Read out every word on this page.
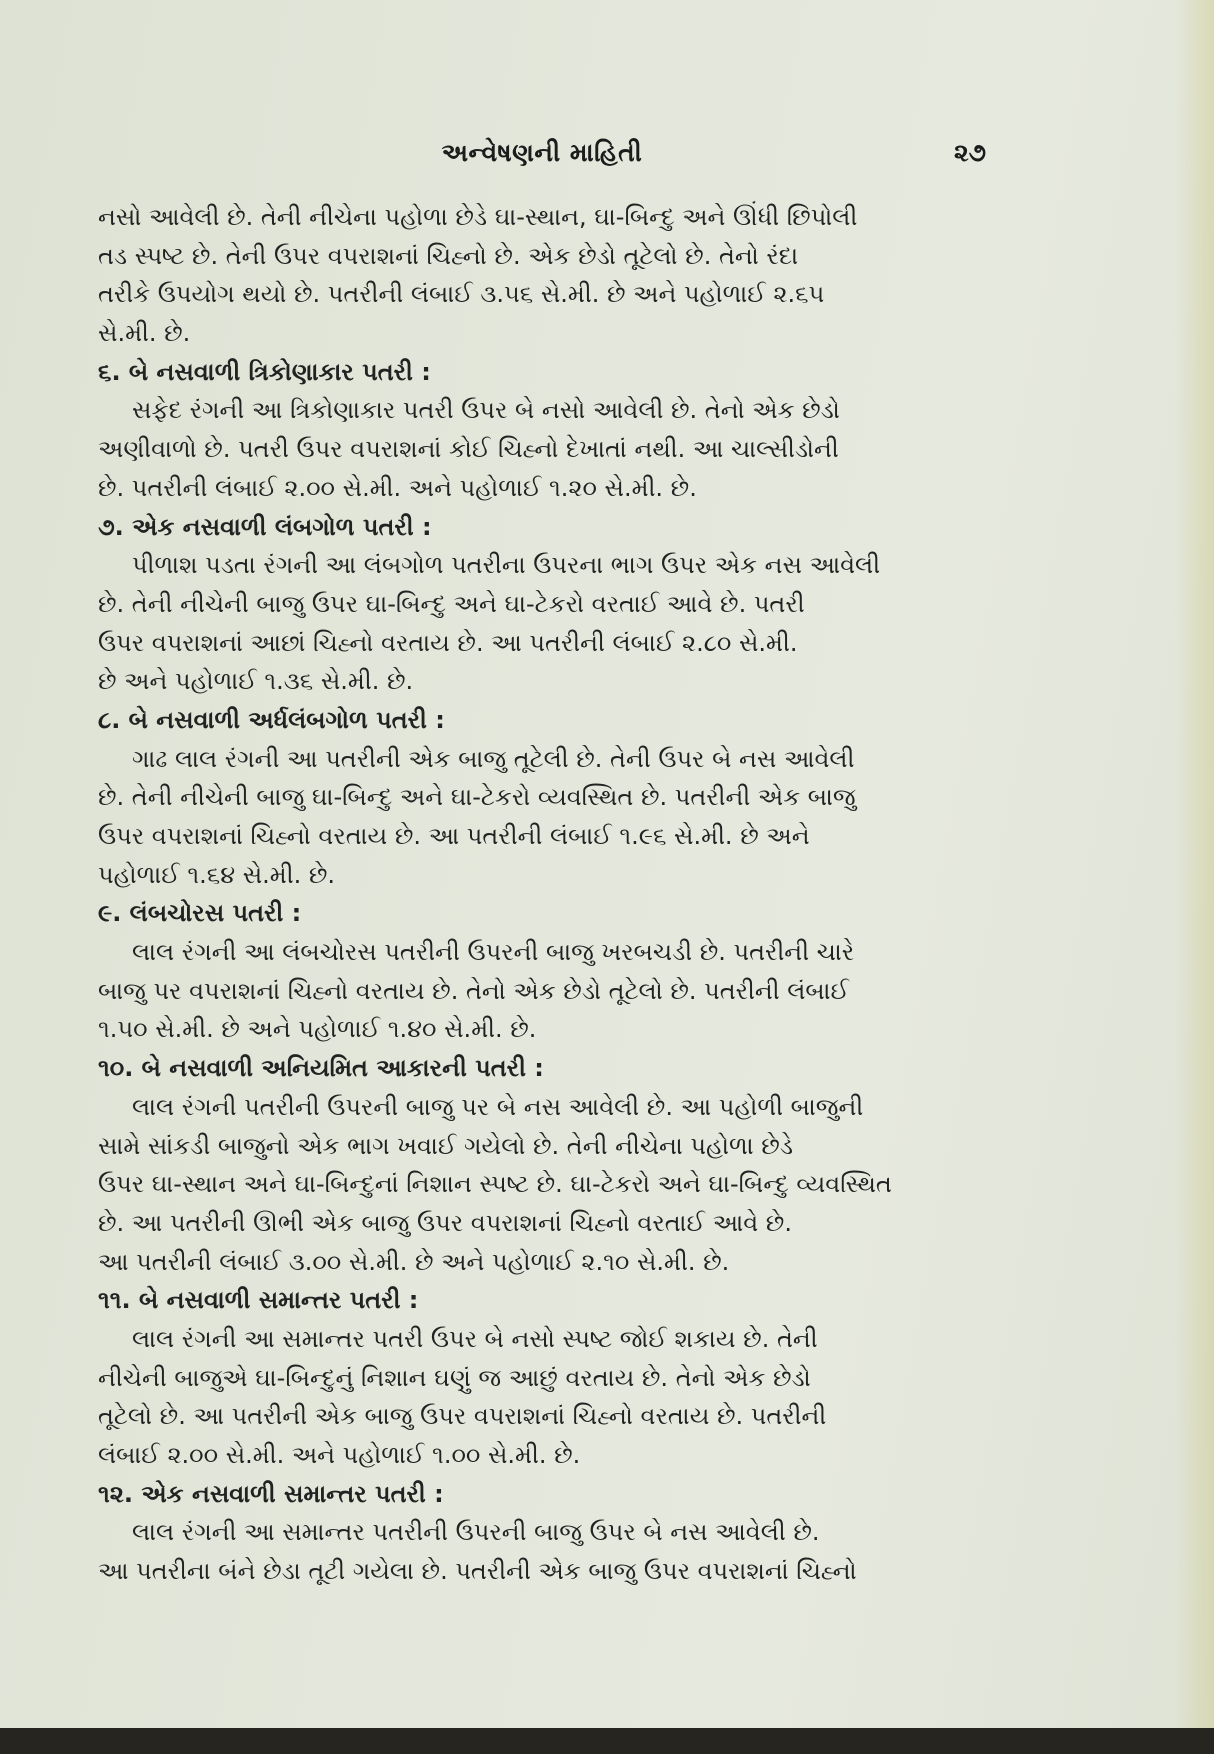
અન્વેષણની માહિતી	૨૭
નસો આવેલી છે. તેની નીચેના પહોળા છેડે ઘા-સ્થાન, ઘા-બિન્દુ અને ઊંધી છિપોલી
તડ સ્પષ્ટ છે. તેની ઉપર વપરાશનાં ચિહ્નો છે. એક છેડો તૂટેલો છે. તેનો રંદા
તરીકે ઉપયોગ થયો છે. પતરીની લંબાઈ ૩.૫૬ સે.મી. છે અને પહોળાઈ ૨.૬૫
સે.મી. છે.
૬. બે નસવાળી ત્રિકોણાકાર પતરી :
સફેદ રંગની આ ત્રિકોણાકાર પતરી ઉપર બે નસો આવેલી છે. તેનો એક છેડો
અણીવાળો છે. પતરી ઉપર વપરાશનાં કોઈ ચિહ્નો દેખાતાં નથી. આ ચાલ્સીડોની
છે. પતરીની લંબાઈ ૨.૦૦ સે.મી. અને પહોળાઈ ૧.૨૦ સે.મી. છે.
૭. એક નસવાળી લંબગોળ પતરી :
પીળાશ પડતા રંગની આ લંબગોળ પતરીના ઉપરના ભાગ ઉપર એક નસ આવેલી
છે. તેની નીચેની બાજુ ઉપર ઘા-બિન્દુ અને ઘા-ટેકરો વરતાઈ આવે છે. પતરી
ઉપર વપરાશનાં આછાં ચિહ્નો વરતાય છે. આ પતરીની લંબાઈ ૨.૮૦ સે.મી.
છે અને પહોળાઈ ૧.૩૬ સે.મી. છે.
૮. બે નસવાળી અર્ધલંબગોળ પતરી :
ગાઢ લાલ રંગની આ પતરીની એક બાજુ તૂટેલી છે. તેની ઉપર બે નસ આવેલી
છે. તેની નીચેની બાજુ ઘા-બિન્દુ અને ઘા-ટેકરો વ્યવસ્થિત છે. પતરીની એક બાજુ
ઉપર વપરાશનાં ચિહ્નો વરતાય છે. આ પતરીની લંબાઈ ૧.૯૬ સે.મી. છે અને
પહોળાઈ ૧.૬૪ સે.મી. છે.
૯. લંબચોરસ પતરી :
લાલ રંગની આ લંબચોરસ પતરીની ઉપરની બાજુ ખરબચડી છે. પતરીની ચારે
બાજુ પર વપરાશનાં ચિહ્નો વરતાય છે. તેનો એક છેડો તૂટેલો છે. પતરીની લંબાઈ
૧.૫૦ સે.મી. છે અને પહોળાઈ ૧.૪૦ સે.મી. છે.
૧૦. બે નસવાળી અનિયમિત આકારની પતરી :
લાલ રંગની પતરીની ઉપરની બાજુ પર બે નસ આવેલી છે. આ પહોળી બાજુની
સામે સાંકડી બાજુનો એક ભાગ ખવાઈ ગયેલો છે. તેની નીચેના પહોળા છેડે
ઉપર ઘા-સ્થાન અને ઘા-બિન્દુનાં નિશાન સ્પષ્ટ છે. ઘા-ટેકરો અને ઘા-બિન્દુ વ્યવસ્થિત
છે. આ પતરીની ઊભી એક બાજુ ઉપર વપરાશનાં ચિહ્નો વરતાઈ આવે છે.
આ પતરીની લંબાઈ ૩.૦૦ સે.મી. છે અને પહોળાઈ ૨.૧૦ સે.મી. છે.
૧૧. બે નસવાળી સમાન્તર પતરી :
લાલ રંગની આ સમાન્તર પતરી ઉપર બે નસો સ્પષ્ટ જોઈ શકાય છે. તેની
નીચેની બાજુએ ઘા-બિન્દુનું નિશાન ઘણું જ આછું વરતાય છે. તેનો એક છેડો
તૂટેલો છે. આ પતરીની એક બાજુ ઉપર વપરાશનાં ચિહ્નો વરતાય છે. પતરીની
લંબાઈ ૨.૦૦ સે.મી. અને પહોળાઈ ૧.૦૦ સે.મી. છે.
૧૨. એક નસવાળી સમાન્તર પતરી :
લાલ રંગની આ સમાન્તર પતરીની ઉપરની બાજુ ઉપર બે નસ આવેલી છે.
આ પતરીના બંને છેડા તૂટી ગયેલા છે. પતરીની એક બાજુ ઉપર વપરાશનાં ચિહ્નો
